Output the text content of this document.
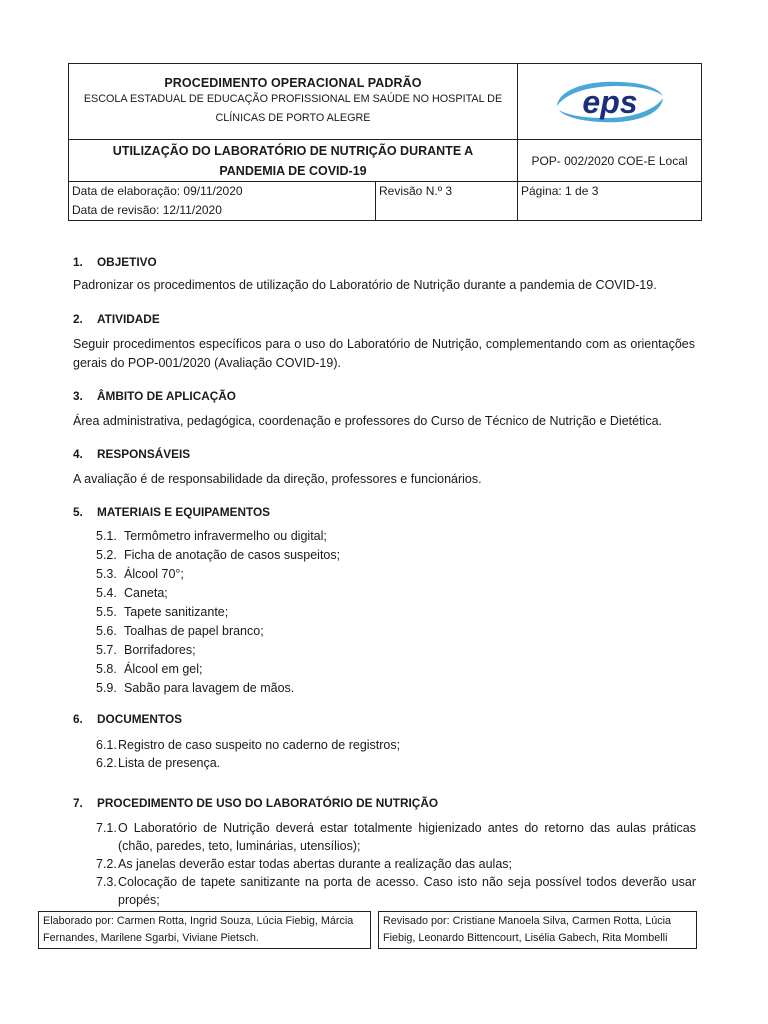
PROCEDIMENTO OPERACIONAL PADRÃO
ESCOLA ESTADUAL DE EDUCAÇÃO PROFISSIONAL EM SAÚDE NO HOSPITAL DE
CLÍNICAS DE PORTO ALEGRE		eps

UTILIZAÇÃO DO LABORATÓRIO DE NUTRIÇÃO DURANTE A
PANDEMIA DE COVID-19		POP- 002/2020 COE-E Local

Data de elaboração: 09/11/2020
Data de revisão: 12/11/2020	Revisão N.º 3	Página: 1 de 3
1. OBJETIVO
Padronizar os procedimentos de utilização do Laboratório de Nutrição durante a pandemia de COVID-19.
2. ATIVIDADE
Seguir procedimentos específicos para o uso do Laboratório de Nutrição, complementando com as orientações gerais do POP-001/2020 (Avaliação COVID-19).
3. ÂMBITO DE APLICAÇÃO
Área administrativa, pedagógica, coordenação e professores do Curso de Técnico de Nutrição e Dietética.
4. RESPONSÁVEIS
A avaliação é de responsabilidade da direção, professores e funcionários.
5. MATERIAIS E EQUIPAMENTOS
5.1. Termômetro infravermelho ou digital;
5.2. Ficha de anotação de casos suspeitos;
5.3. Álcool 70°;
5.4. Caneta;
5.5. Tapete sanitizante;
5.6. Toalhas de papel branco;
5.7. Borrifadores;
5.8. Álcool em gel;
5.9. Sabão para lavagem de mãos.
6. DOCUMENTOS
6.1. Registro de caso suspeito no caderno de registros;
6.2. Lista de presença.
7. PROCEDIMENTO DE USO DO LABORATÓRIO DE NUTRIÇÃO
7.1. O Laboratório de Nutrição deverá estar totalmente higienizado antes do retorno das aulas práticas (chão, paredes, teto, luminárias, utensílios);
7.2. As janelas deverão estar todas abertas durante a realização das aulas;
7.3. Colocação de tapete sanitizante na porta de acesso. Caso isto não seja possível todos deverão usar propés;
Elaborado por: Carmen Rotta, Ingrid Souza, Lúcia Fiebig, Márcia Fernandes, Marilene Sgarbi, Viviane Pietsch.		Revisado por: Cristiane Manoela Silva, Carmen Rotta, Lúcia Fiebig, Leonardo Bittencourt, Lisélia Gabech, Rita Mombelli
